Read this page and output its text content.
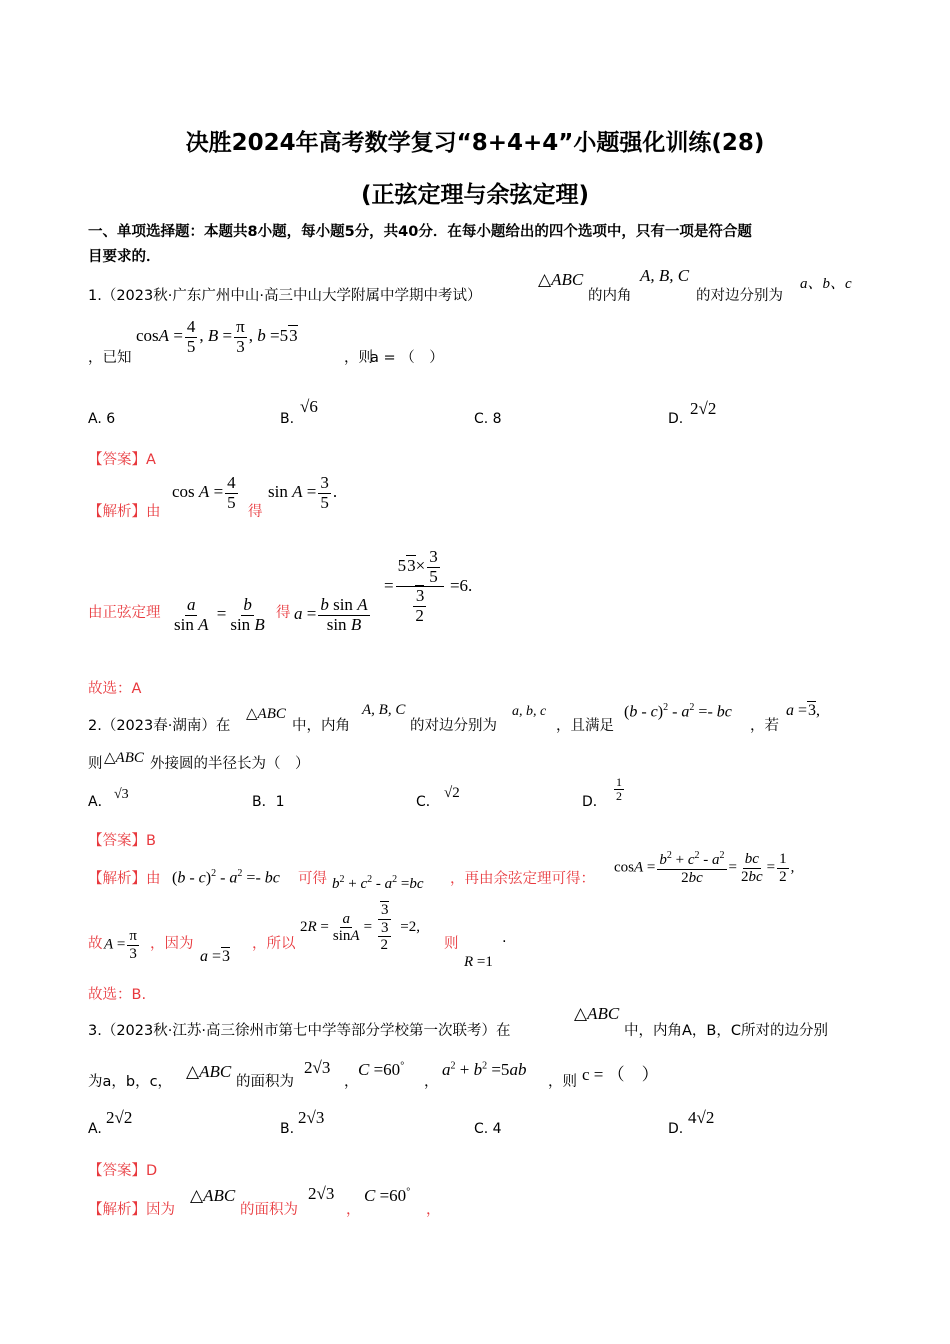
决胜2024年高考数学复习“8+4+4”小题强化训练(28)
(正弦定理与余弦定理)
一、单项选择题：本题共8小题，每小题5分，共40分．在每小题给出的四个选项中，只有一项是符合题
目要求的．
1.（2023秋·广东广州中山·高三中山大学附属中学期中考试）
△ABC
的内角
A, B, C
的对边分别为
a、b、c
，已知
$\cos A = \frac{4}{5}$ , $B = \frac{\pi}{3}$ , b =53
，则
a = （　）
A. 6	B.
√6
C. 8	D.
2√2
【答案】A
【解析】由
$\cos A = \frac{4}{5}$ 得
$\sin A = \frac{3}{5}$ .
由正弦定理 $\frac{a}{\text{sin A}} = \frac{b}{\text{sin B}}$ 得 $a = \frac{\text{b sin A}}{\text{sin B}}$
= $\frac{53\times \frac{3}{5}}{\frac{3}{2}} =6$.
故选：A
2.（2023春·湖南）在
△ABC
中，内角
A, B, C
的对边分别为
a, b, c
，且满足
$(b - c)^2 - a^2$ =- bc
，若
a =3,
则 △ABC 外接圆的半径长为（　）
A． √3	B．1	C．
√2
D． $\frac{1}{2}$
【答案】B
【解析】由 $(b - c)^2 - a^2$ =- bc 可得 $b^2 + c^2 - a^2 =bc$ ，再由余弦定理可得：
$\cos A = \frac{b^2 + c^2 - a^2}{2bc} = \frac{bc}{2bc} = \frac{1}{2}$ ,
故 $A = \frac{\pi}{3}$ ，因为
a =3
，所以
$2R = \frac{a}{\sin A} = \frac{3}{\frac{3}{2}} =2$,
则
R =1
.
故选：B.
3.（2023秋·江苏·高三徐州市第七中学等部分学校第一次联考）在
△ABC
中，内角A，B，C所对的边分别
为a，b，c，
△ABC
的面积为
2√3
，
C =60°
，
$a^2 + b^2 =5ab$
，则 c = （　）
A.
2√2
B.
2√3
C. 4	D.
4√2
【答案】D
【解析】因为
△ABC
的面积为
2√3
，
C =60°
，
